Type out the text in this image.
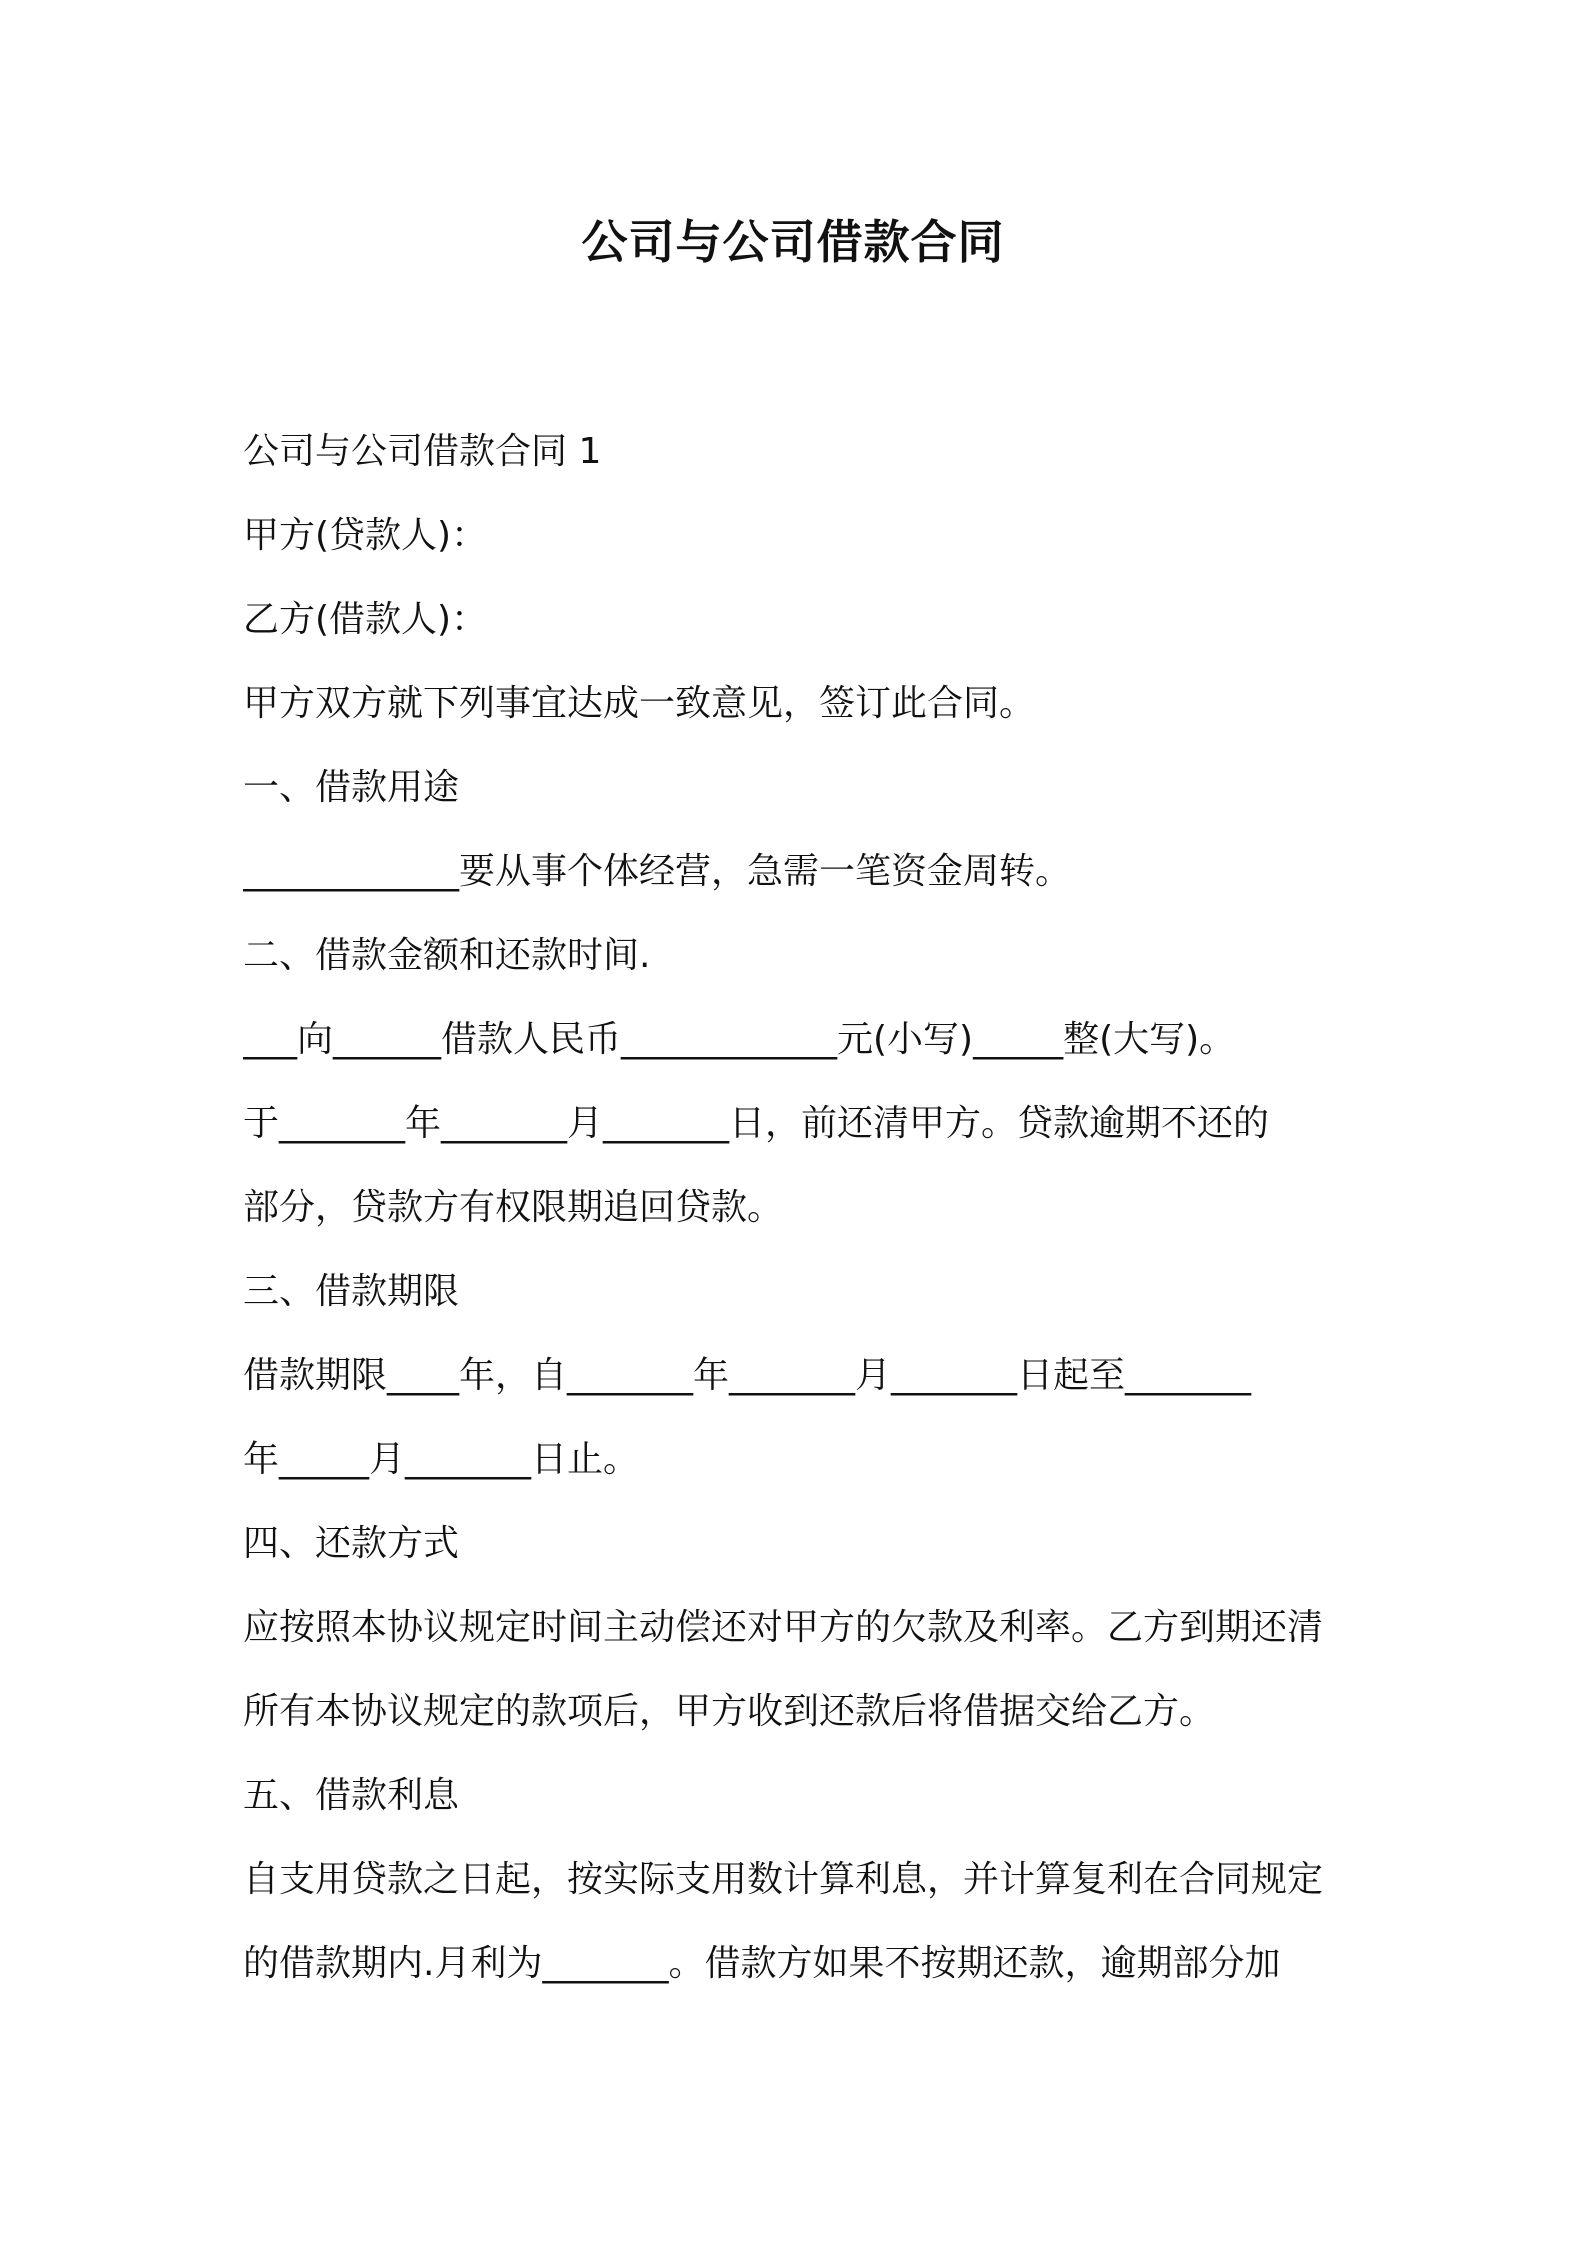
公司与公司借款合同
公司与公司借款合同 1
甲方(贷款人)：
乙方(借款人)：
甲方双方就下列事宜达成一致意见，签订此合同。
一、借款用途
____________要从事个体经营，急需一笔资金周转。
二、借款金额和还款时间.
___向______借款人民币____________元(小写)_____整(大写)。
于_______年_______月_______日，前还清甲方。贷款逾期不还的
部分，贷款方有权限期追回贷款。
三、借款期限
借款期限____年，自_______年_______月_______日起至_______
年_____月_______日止。
四、还款方式
应按照本协议规定时间主动偿还对甲方的欠款及利率。乙方到期还清
所有本协议规定的款项后，甲方收到还款后将借据交给乙方。
五、借款利息
自支用贷款之日起，按实际支用数计算利息，并计算复利在合同规定
的借款期内.月利为_______。借款方如果不按期还款，逾期部分加
